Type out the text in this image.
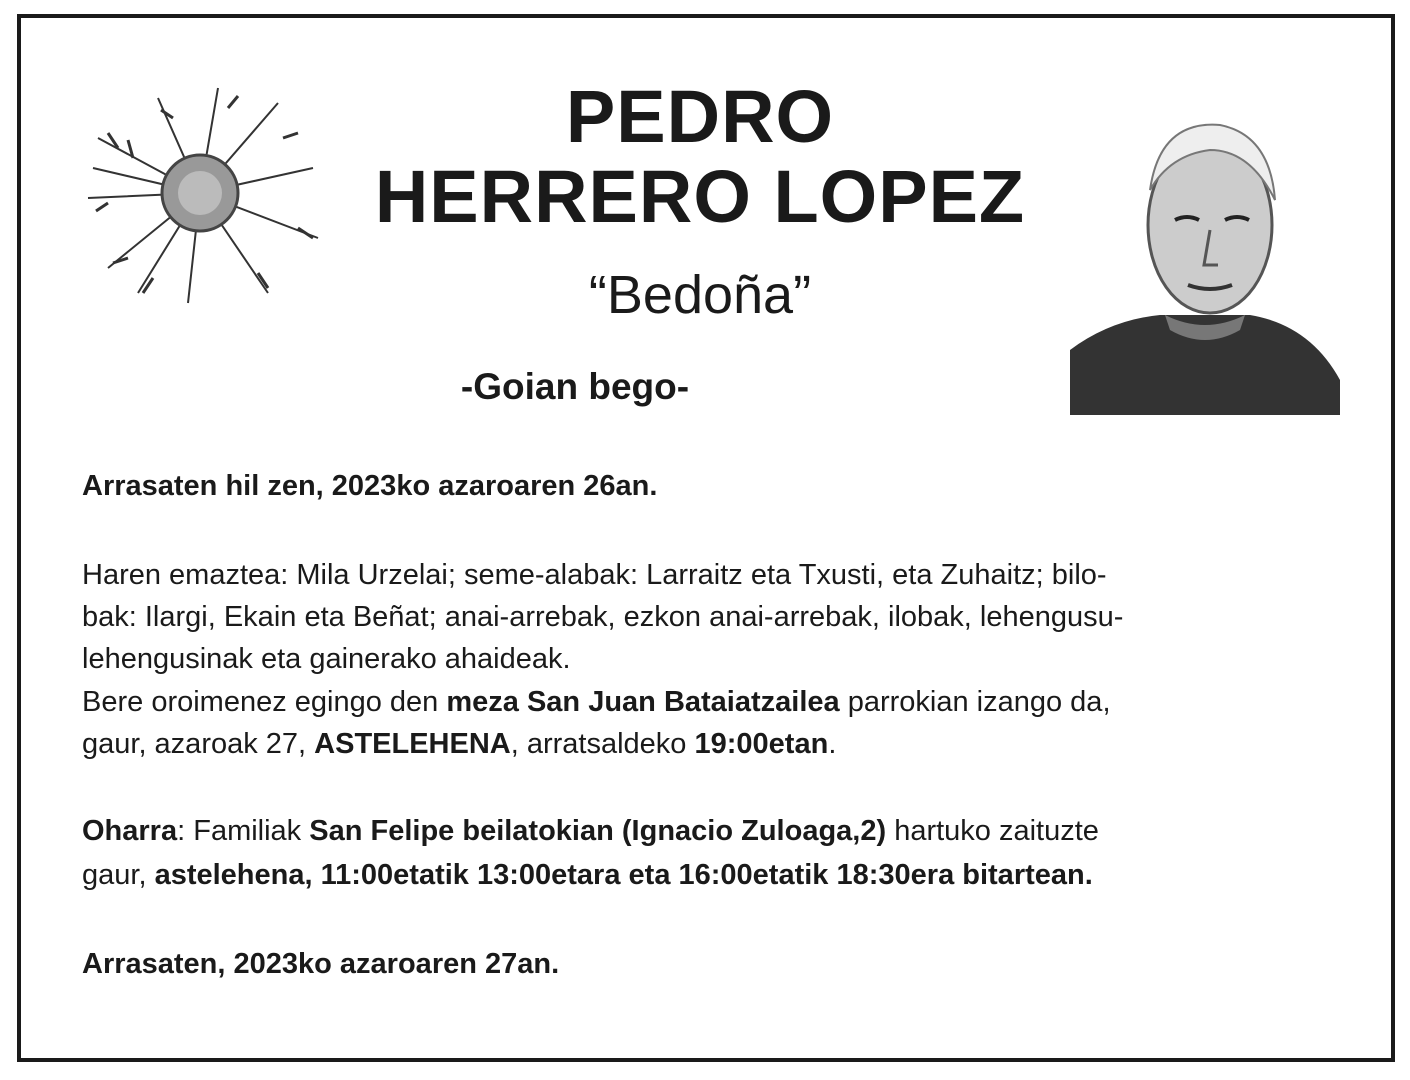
PEDRO
HERRERO LOPEZ
“Bedoña”
-Goian bego-
Arrasaten hil zen, 2023ko azaroaren 26an.
Haren emaztea: Mila Urzelai; seme-alabak: Larraitz eta Txusti, eta Zuhaitz; bilo-
bak: Ilargi, Ekain eta Beñat; anai-arrebak, ezkon anai-arrebak, ilobak, lehengusu-
lehengusinak eta gainerako ahaideak.
Bere oroimenez egingo den meza San Juan Bataiatzailea parrokian izango da,
gaur, azaroak 27, ASTELEHENA, arratsaldeko 19:00etan.
Oharra: Familiak San Felipe beilatokian (Ignacio Zuloaga,2) hartuko zaituzte
gaur, astelehena, 11:00etatik 13:00etara eta 16:00etatik 18:30era bitartean.
Arrasaten, 2023ko azaroaren 27an.
